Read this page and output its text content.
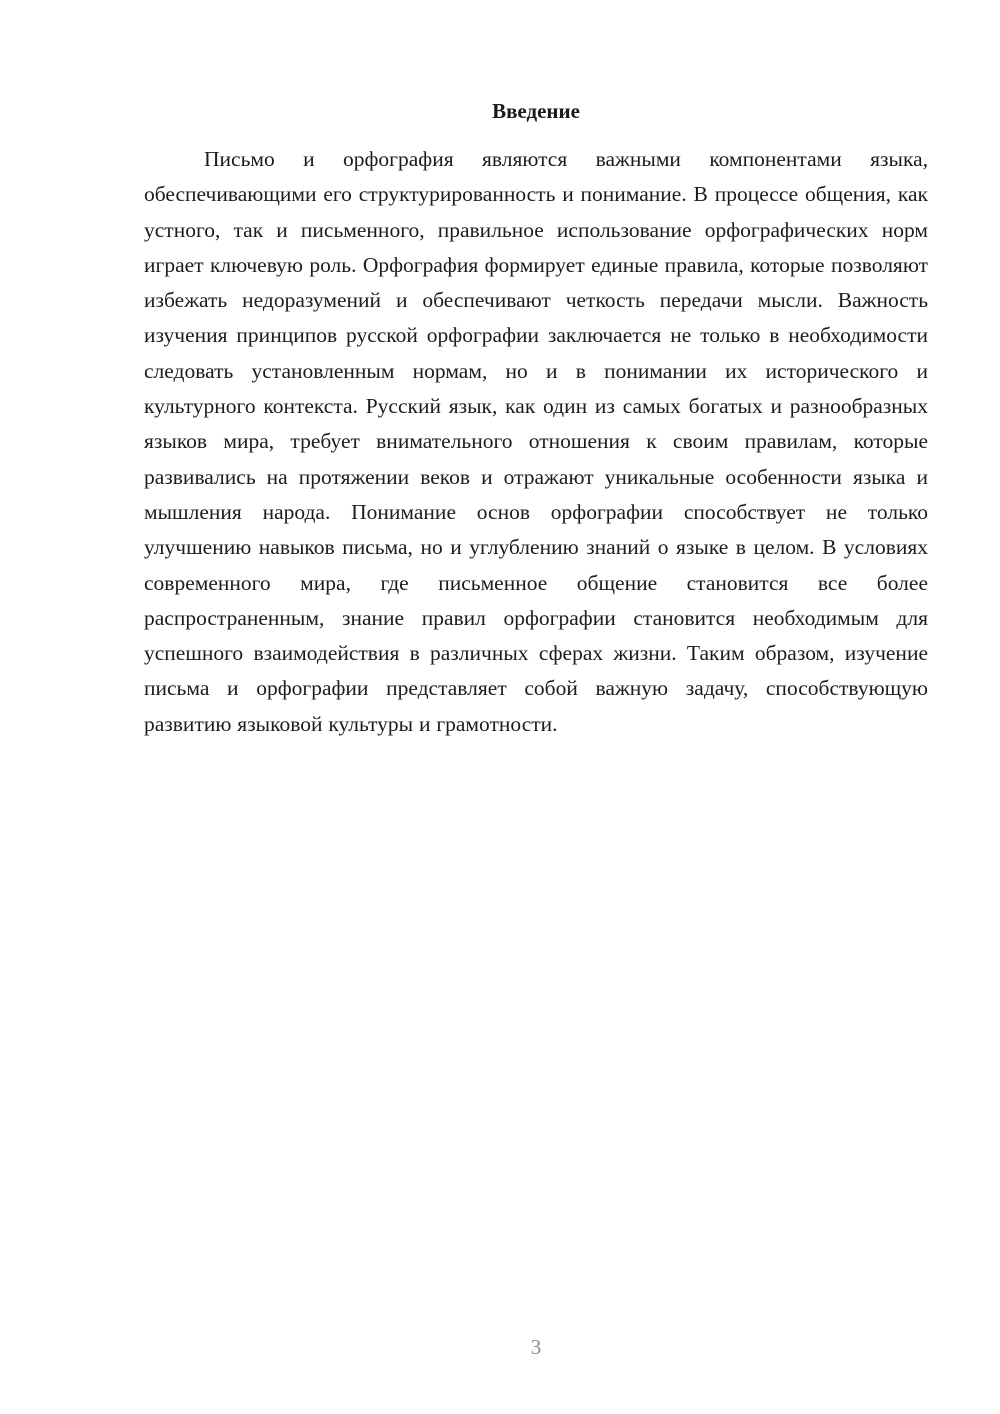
Введение

Письмо и орфография являются важными компонентами языка, обеспечивающими его структурированность и понимание. В процессе общения, как устного, так и письменного, правильное использование орфографических норм играет ключевую роль. Орфография формирует единые правила, которые позволяют избежать недоразумений и обеспечивают четкость передачи мысли. Важность изучения принципов русской орфографии заключается не только в необходимости следовать установленным нормам, но и в понимании их исторического и культурного контекста. Русский язык, как один из самых богатых и разнообразных языков мира, требует внимательного отношения к своим правилам, которые развивались на протяжении веков и отражают уникальные особенности языка и мышления народа. Понимание основ орфографии способствует не только улучшению навыков письма, но и углублению знаний о языке в целом. В условиях современного мира, где письменное общение становится все более распространенным, знание правил орфографии становится необходимым для успешного взаимодействия в различных сферах жизни. Таким образом, изучение письма и орфографии представляет собой важную задачу, способствующую развитию языковой культуры и грамотности.

3
